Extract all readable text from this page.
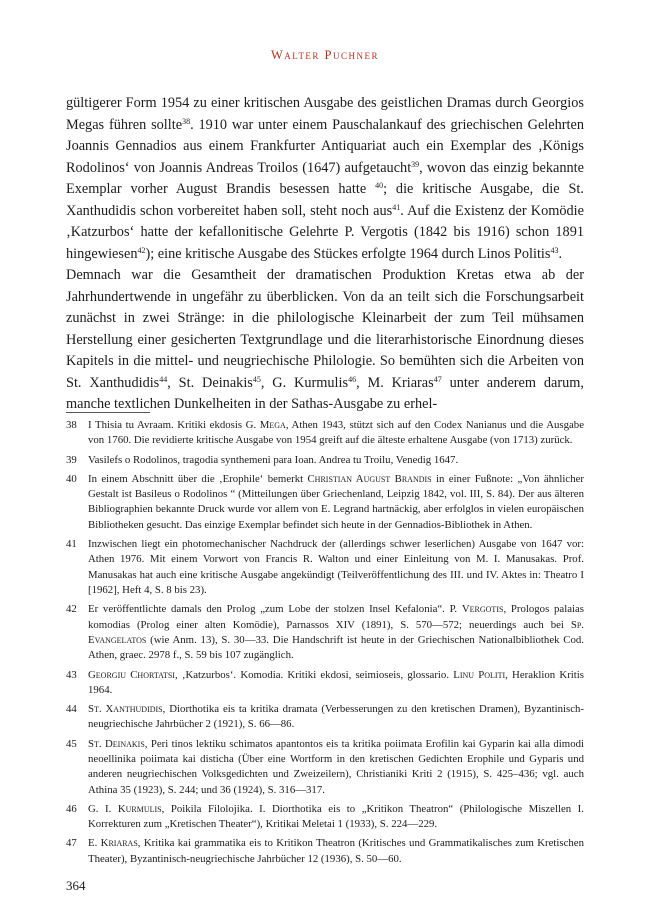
Walter Puchner

gültigerer Form 1954 zu einer kritischen Ausgabe des geistlichen Dramas durch Georgios Megas führen sollte$^{38}$. 1910 war unter einem Pauschalankauf des griechischen Gelehrten Joannis Gennadios aus einem Frankfurter Antiquariat auch ein Exemplar des ‚Königs Rodolinos‘ von Joannis Andreas Troilos (1647) aufgetaucht$^{39}$, wovon das einzig bekannte Exemplar vorher August Brandis besessen hatte $^{40}$; die kritische Ausgabe, die St. Xanthudidis schon vorbereitet haben soll, steht noch aus$^{41}$. Auf die Existenz der Komödie ‚Katzurbos‘ hatte der kefallonitische Gelehrte P. Vergotis (1842 bis 1916) schon 1891 hingewiesen$^{42}$); eine kritische Ausgabe des Stückes erfolgte 1964 durch Linos Politis$^{43}$.

Demnach war die Gesamtheit der dramatischen Produktion Kretas etwa ab der Jahrhundertwende in ungefähr zu überblicken. Von da an teilt sich die Forschungsarbeit zunächst in zwei Stränge: in die philologische Kleinarbeit der zum Teil mühsamen Herstellung einer gesicherten Textgrundlage und die literarhistorische Einordnung dieses Kapitels in die mittel- und neugriechische Philologie. So bemühten sich die Arbeiten von St. Xanthudidis$^{44}$, St. Deinakis$^{45}$, G. Kurmulis$^{46}$, M. Kriaras$^{47}$ unter anderem darum, manche textlichen Dunkelheiten in der Sathas-Ausgabe zu erhel-

38	I Thisia tu Avraam. Kritiki ekdosis G. Mega, Athen 1943, stützt sich auf den Codex Nanianus und die Ausgabe von 1760. Die revidierte kritische Ausgabe von 1954 greift auf die älteste erhaltene Ausgabe (von 1713) zurück.
39	Vasilefs o Rodolinos, tragodia synthemeni para Ioan. Andrea tu Troilu, Venedig 1647.
40	In einem Abschnitt über die ‚Erophile‘ bemerkt Christian August Brandis in einer Fußnote: „Von ähnlicher Gestalt ist Basileus o Rodolinos “ (Mitteilungen über Griechenland, Leipzig 1842, vol. III, S. 84). Der aus älteren Bibliographien bekannte Druck wurde vor allem von E. Legrand hartnäckig, aber erfolglos in vielen europäischen Bibliotheken gesucht. Das einzige Exemplar befindet sich heute in der Gennadios-Bibliothek in Athen.
41	Inzwischen liegt ein photomechanischer Nachdruck der (allerdings schwer leserlichen) Ausgabe von 1647 vor: Athen 1976. Mit einem Vorwort von Francis R. Walton und einer Einleitung von M. I. Manusakas. Prof. Manusakas hat auch eine kritische Ausgabe angekündigt (Teilveröffentlichung des III. und IV. Aktes in: Theatro I [1962], Heft 4, S. 8 bis 23).
42	Er veröffentlichte damals den Prolog „zum Lobe der stolzen Insel Kefalonia“. P. Vergotis, Prologos palaias komodias (Prolog einer alten Komödie), Parnassos XIV (1891), S. 570—572; neuerdings auch bei Sp. Evangelatos (wie Anm. 13), S. 30—33. Die Handschrift ist heute in der Griechischen Nationalbibliothek Cod. Athen, graec. 2978 f., S. 59 bis 107 zugänglich.
43	Georgiu Chortatsi, ‚Katzurbos‘. Komodia. Kritiki ekdosi, seimioseis, glossario. Linu Politi, Heraklion Kritis 1964.
44	St. Xanthudidis, Diorthotika eis ta kritika dramata (Verbesserungen zu den kretischen Dramen), Byzantinisch-neugriechische Jahrbücher 2 (1921), S. 66—86.
45	St. Deinakis, Peri tinos lektiku schimatos apantontos eis ta kritika poiimata Erofilin kai Gyparin kai alla dimodi neoellinika poiimata kai disticha (Über eine Wortform in den kretischen Gedichten Erophile und Gyparis und anderen neugriechischen Volksgedichten und Zweizeilern), Christianiki Kriti 2 (1915), S. 425–436; vgl. auch Athina 35 (1923), S. 244; und 36 (1924), S. 316—317.
46	G. I. Kurmulis, Poikila Filolojika. I. Diorthotika eis to „Kritikon Theatron“ (Philologische Miszellen I. Korrekturen zum „Kretischen Theater“), Kritikai Meletai 1 (1933), S. 224—229.
47	E. Kriaras, Kritika kai grammatika eis to Kritikon Theatron (Kritisches und Grammatikalisches zum Kretischen Theater), Byzantinisch-neugriechische Jahrbücher 12 (1936), S. 50—60.
364
